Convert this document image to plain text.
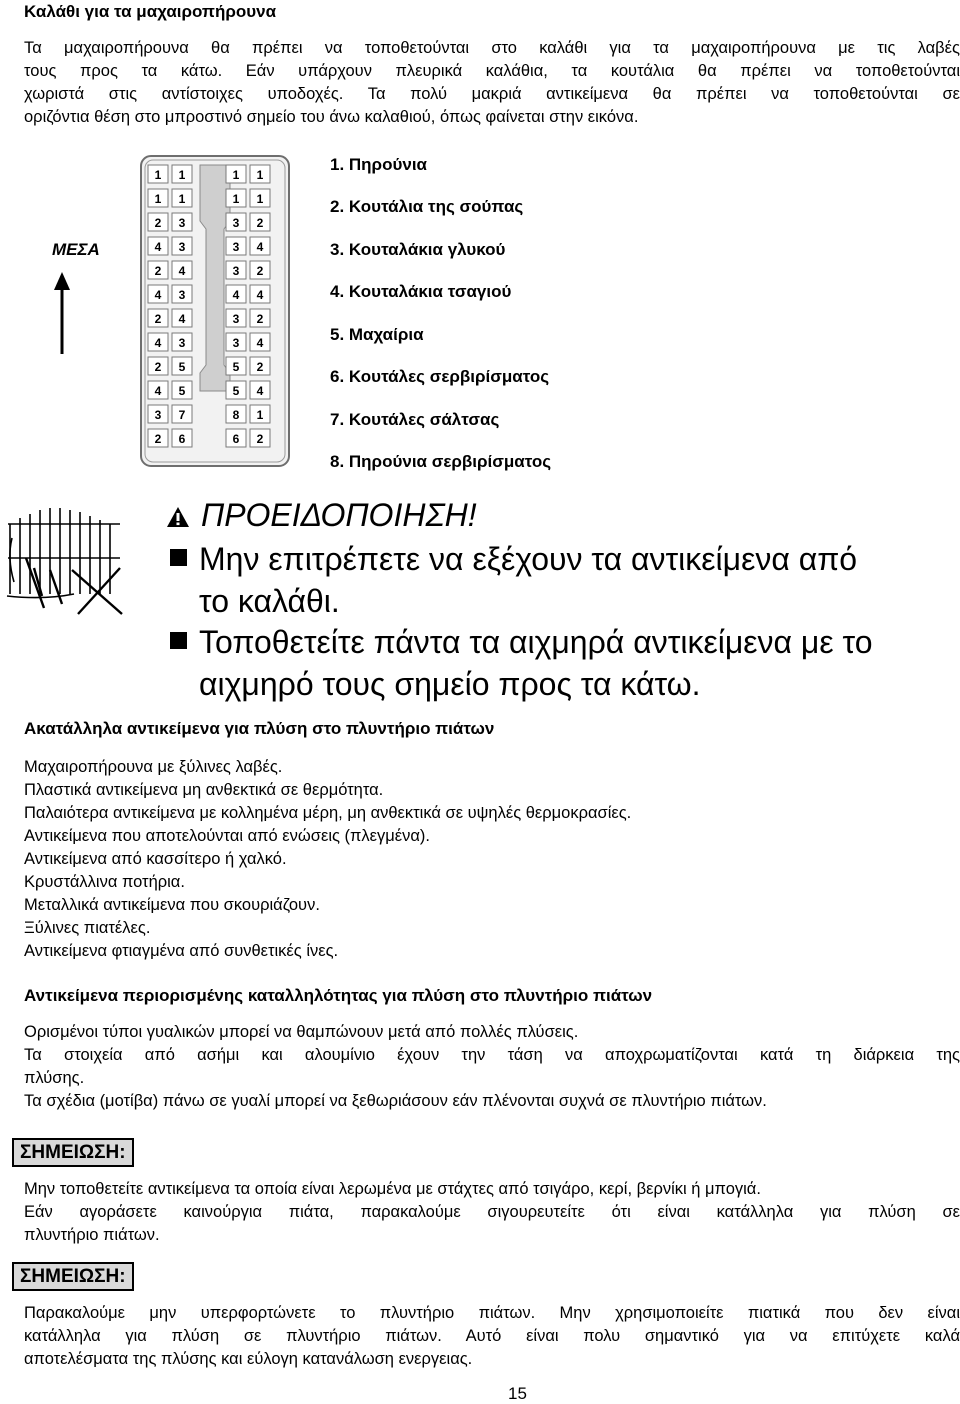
Καλάθι για τα μαχαιροπήρουνα

Τα μαχαιροπήρουνα θα πρέπει να τοποθετούνται στο καλάθι για τα μαχαιροπήρουνα με τις λαβές

τους προς τα κάτω. Εάν υπάρχουν πλευρικά καλάθια, τα κουτάλια θα πρέπει να τοποθετούνται

χωριστά στις αντίστοιχες υποδοχές. Τα πολύ μακριά αντικείμενα θα πρέπει να τοποθετούνται σε

οριζόντια θέση στο μπροστινό σημείο του άνω καλαθιού, όπως φαίνεται στην εικόνα.

ΜΕΣΑ
1 1
1 1
2 3
4 3
2 4
4 3
2 4
4 3
2 5
4 5
3 7
2 6
1 1
1 1
3 2
3 4
3 2
4 4
3 2
3 4
5 2
5 4
8 1
6 2
1. Πηρούνια
2. Κουτάλια της σούπας
3. Κουταλάκια γλυκού
4. Κουταλάκια τσαγιού
5. Μαχαίρια
6. Κουτάλες σερβιρίσματος
7. Κουτάλες σάλτσας
8. Πηρούνια σερβιρίσματος
ΠΡΟΕΙΔΟΠΟΙΗΣΗ!
Μην επιτρέπετε να εξέχουν τα αντικείμενα από
το καλάθι.
Τοποθετείτε πάντα τα αιχμηρά αντικείμενα με το
αιχμηρό τους σημείο προς τα κάτω.
Ακατάλληλα αντικείμενα για πλύση στο πλυντήριο πιάτων
Μαχαιροπήρουνα με ξύλινες λαβές.
Πλαστικά αντικείμενα μη ανθεκτικά σε θερμότητα.
Παλαιότερα αντικείμενα με κολλημένα μέρη, μη ανθεκτικά σε υψηλές θερμοκρασίες.
Αντικείμενα που αποτελούνται από ενώσεις (πλεγμένα).
Αντικείμενα από κασσίτερο ή χαλκό.
Κρυστάλλινα ποτήρια.
Μεταλλικά αντικείμενα που σκουριάζουν.
Ξύλινες πιατέλες.
Αντικείμενα φτιαγμένα από συνθετικές ίνες.
Αντικείμενα περιορισμένης καταλληλότητας για πλύση στο πλυντήριο πιάτων

Ορισμένοι τύποι γυαλικών μπορεί να θαμπώνουν μετά από πολλές πλύσεις.

Τα στοιχεία από ασήμι και αλουμίνιο έχουν την τάση να αποχρωματίζονται κατά τη διάρκεια της

πλύσης.

Τα σχέδια (μοτίβα) πάνω σε γυαλί μπορεί να ξεθωριάσουν εάν πλένονται συχνά σε πλυντήριο πιάτων.

ΣΗΜΕΙΩΣΗ:

Μην τοποθετείτε αντικείμενα τα οποία είναι λερωμένα με στάχτες από τσιγάρο, κερί, βερνίκι ή μπογιά.

Εάν αγοράσετε καινούργια πιάτα, παρακαλούμε σιγουρευτείτε ότι είναι κατάλληλα για πλύση σε

πλυντήριο πιάτων.

ΣΗΜΕΙΩΣΗ:

Παρακαλούμε μην υπερφορτώνετε το πλυντήριο πιάτων. Μην χρησιμοποιείτε πιατικά που δεν είναι

κατάλληλα για πλύση σε πλυντήριο πιάτων. Αυτό είναι πολυ σημαντικό για να επιτύχετε καλά

αποτελέσματα της πλύσης και εύλογη κατανάλωση ενεργειας.

15
